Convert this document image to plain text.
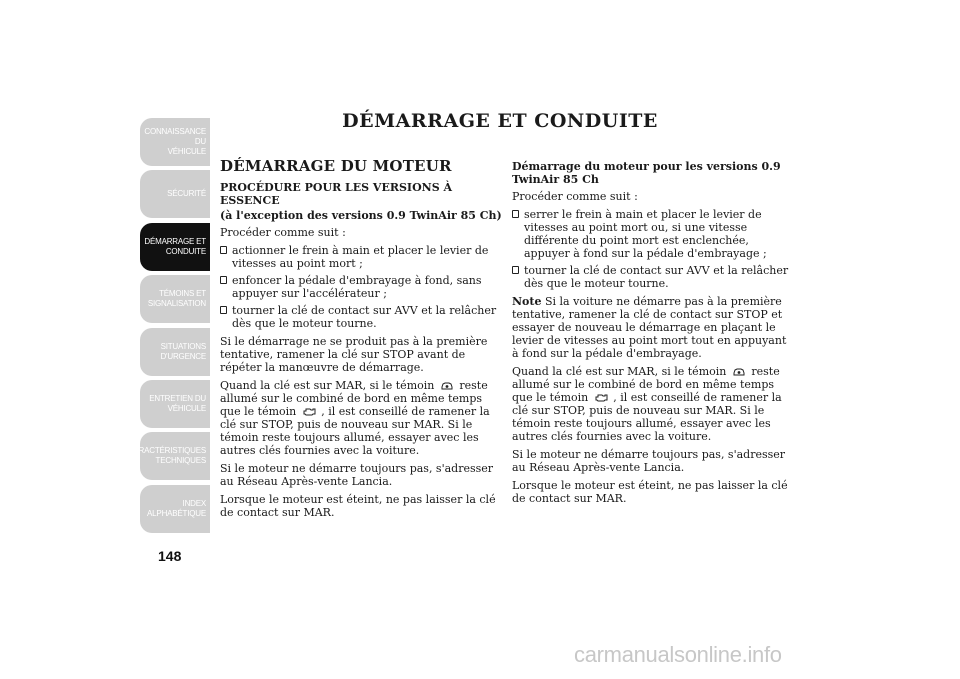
CONNAISSANCE DU
VÉHICULE
SÉCURITÉ
DÉMARRAGE ET
CONDUITE
TÉMOINS ET
SIGNALISATION
SITUATIONS
D'URGENCE
ENTRETIEN DU
VÉHICULE
CARACTÉRISTIQUES
TECHNIQUES
INDEX
ALPHABÉTIQUE
148
DÉMARRAGE ET CONDUITE
DÉMARRAGE DU MOTEUR
PROCÉDURE POUR LES VERSIONS À ESSENCE
(à l'exception des versions 0.9 TwinAir 85 Ch)

Procéder comme suit :

actionner le frein à main et placer le levier de vitesses au point mort ;
enfoncer la pédale d'embrayage à fond, sans appuyer sur l'accélérateur ;
tourner la clé de contact sur AVV et la relâcher dès que le moteur tourne.

Si le démarrage ne se produit pas à la première tentative, ramener la clé sur STOP avant de répéter la manœuvre de démarrage.

Quand la clé est sur MAR, si le témoin reste allumé sur le combiné de bord en même temps que le témoin , il est conseillé de ramener la clé sur STOP, puis de nouveau sur MAR. Si le témoin reste toujours allumé, essayer avec les autres clés fournies avec la voiture.

Si le moteur ne démarre toujours pas, s'adresser au Réseau Après-vente Lancia.

Lorsque le moteur est éteint, ne pas laisser la clé de contact sur MAR.

Démarrage du moteur pour les versions 0.9 TwinAir 85 Ch

Procéder comme suit :

serrer le frein à main et placer le levier de vitesses au point mort ou, si une vitesse différente du point mort est enclenchée, appuyer à fond sur la pédale d'embrayage ;
tourner la clé de contact sur AVV et la relâcher dès que le moteur tourne.

Note Si la voiture ne démarre pas à la première tentative, ramener la clé de contact sur STOP et essayer de nouveau le démarrage en plaçant le levier de vitesses au point mort tout en appuyant à fond sur la pédale d'embrayage.

Quand la clé est sur MAR, si le témoin reste allumé sur le combiné de bord en même temps que le témoin , il est conseillé de ramener la clé sur STOP, puis de nouveau sur MAR. Si le témoin reste toujours allumé, essayer avec les autres clés fournies avec la voiture.

Si le moteur ne démarre toujours pas, s'adresser au Réseau Après-vente Lancia.

Lorsque le moteur est éteint, ne pas laisser la clé de contact sur MAR.

carmanualsonline.info
